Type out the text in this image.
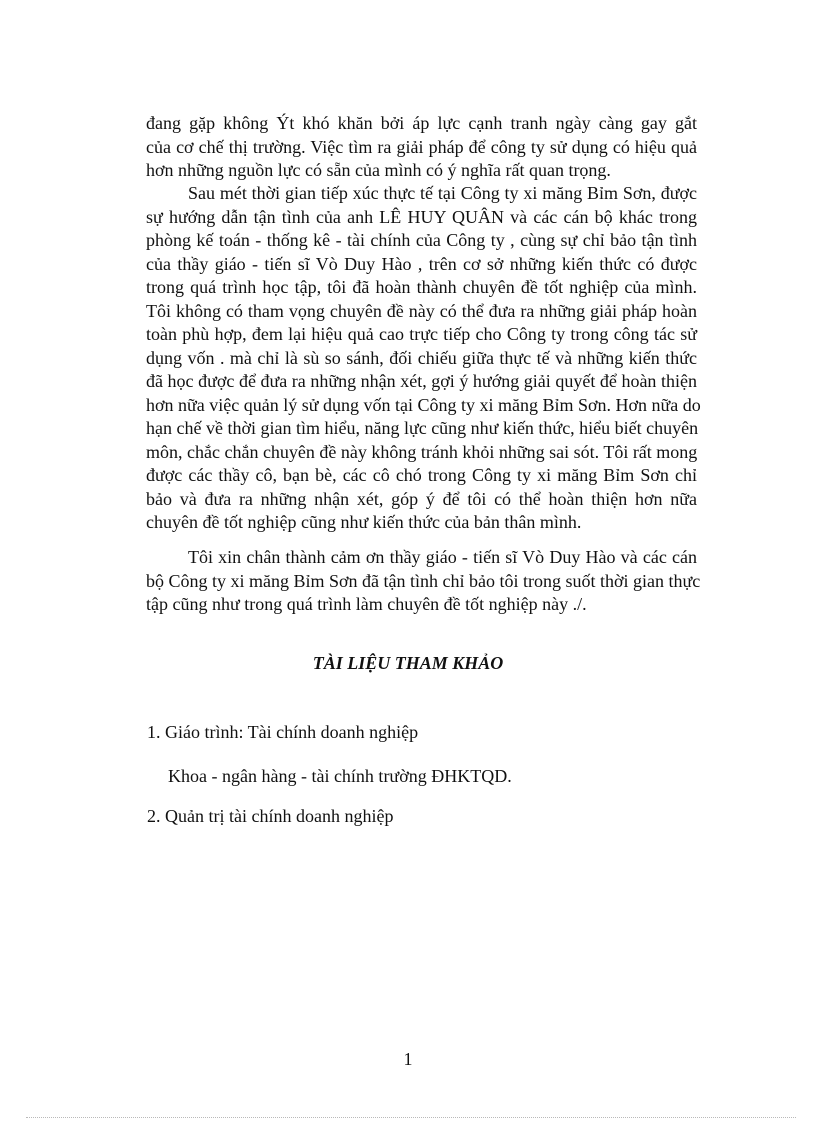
đang gặp không Ýt khó khăn bởi áp lực cạnh tranh ngày càng gay gắt
của cơ chế thị trường. Việc tìm ra giải pháp để công ty sử dụng có hiệu quả
hơn những nguồn lực có sẵn của mình có ý nghĩa rất quan trọng.
Sau mét thời gian tiếp xúc thực tế tại Công ty xi măng Bỉm Sơn, được
sự hướng dẫn tận tình của anh LÊ HUY QUÂN và các cán bộ khác trong
phòng kế toán - thống kê - tài chính của Công ty , cùng sự chỉ bảo tận tình
của thầy giáo - tiến sĩ Vò Duy Hào , trên cơ sở những kiến thức có được
trong quá trình học tập, tôi đã hoàn thành chuyên đề tốt nghiệp của mình.
Tôi không có tham vọng chuyên đề này có thể đưa ra những giải pháp hoàn
toàn phù hợp, đem lại hiệu quả cao trực tiếp cho Công ty trong công tác sử
dụng vốn . mà chỉ là sù so sánh, đối chiếu giữa thực tế và những kiến thức
đã học được để đưa ra những nhận xét, gợi ý hướng giải quyết để hoàn thiện
hơn nữa việc quản lý sử dụng vốn tại Công ty xi măng Bỉm Sơn. Hơn nữa do
hạn chế về thời gian tìm hiểu, năng lực cũng như kiến thức, hiểu biết chuyên
môn, chắc chắn chuyên đề này không tránh khỏi những sai sót. Tôi rất mong
được các thầy cô, bạn bè, các cô chó trong Công ty xi măng Bỉm Sơn chỉ
bảo và đưa ra những nhận xét, góp ý để tôi có thể hoàn thiện hơn nữa
chuyên đề tốt nghiệp cũng như kiến thức của bản thân mình.
Tôi xin chân thành cảm ơn thầy giáo - tiến sĩ Vò Duy Hào và các cán
bộ Công ty xi măng Bỉm Sơn đã tận tình chỉ bảo tôi trong suốt thời gian thực
tập cũng như trong quá trình làm chuyên đề tốt nghiệp này ./.
TÀI LIỆU THAM KHẢO

1. Giáo trình: Tài chính doanh nghiệp

Khoa - ngân hàng - tài chính trường ĐHKTQD.

2. Quản trị tài chính doanh nghiệp

1
